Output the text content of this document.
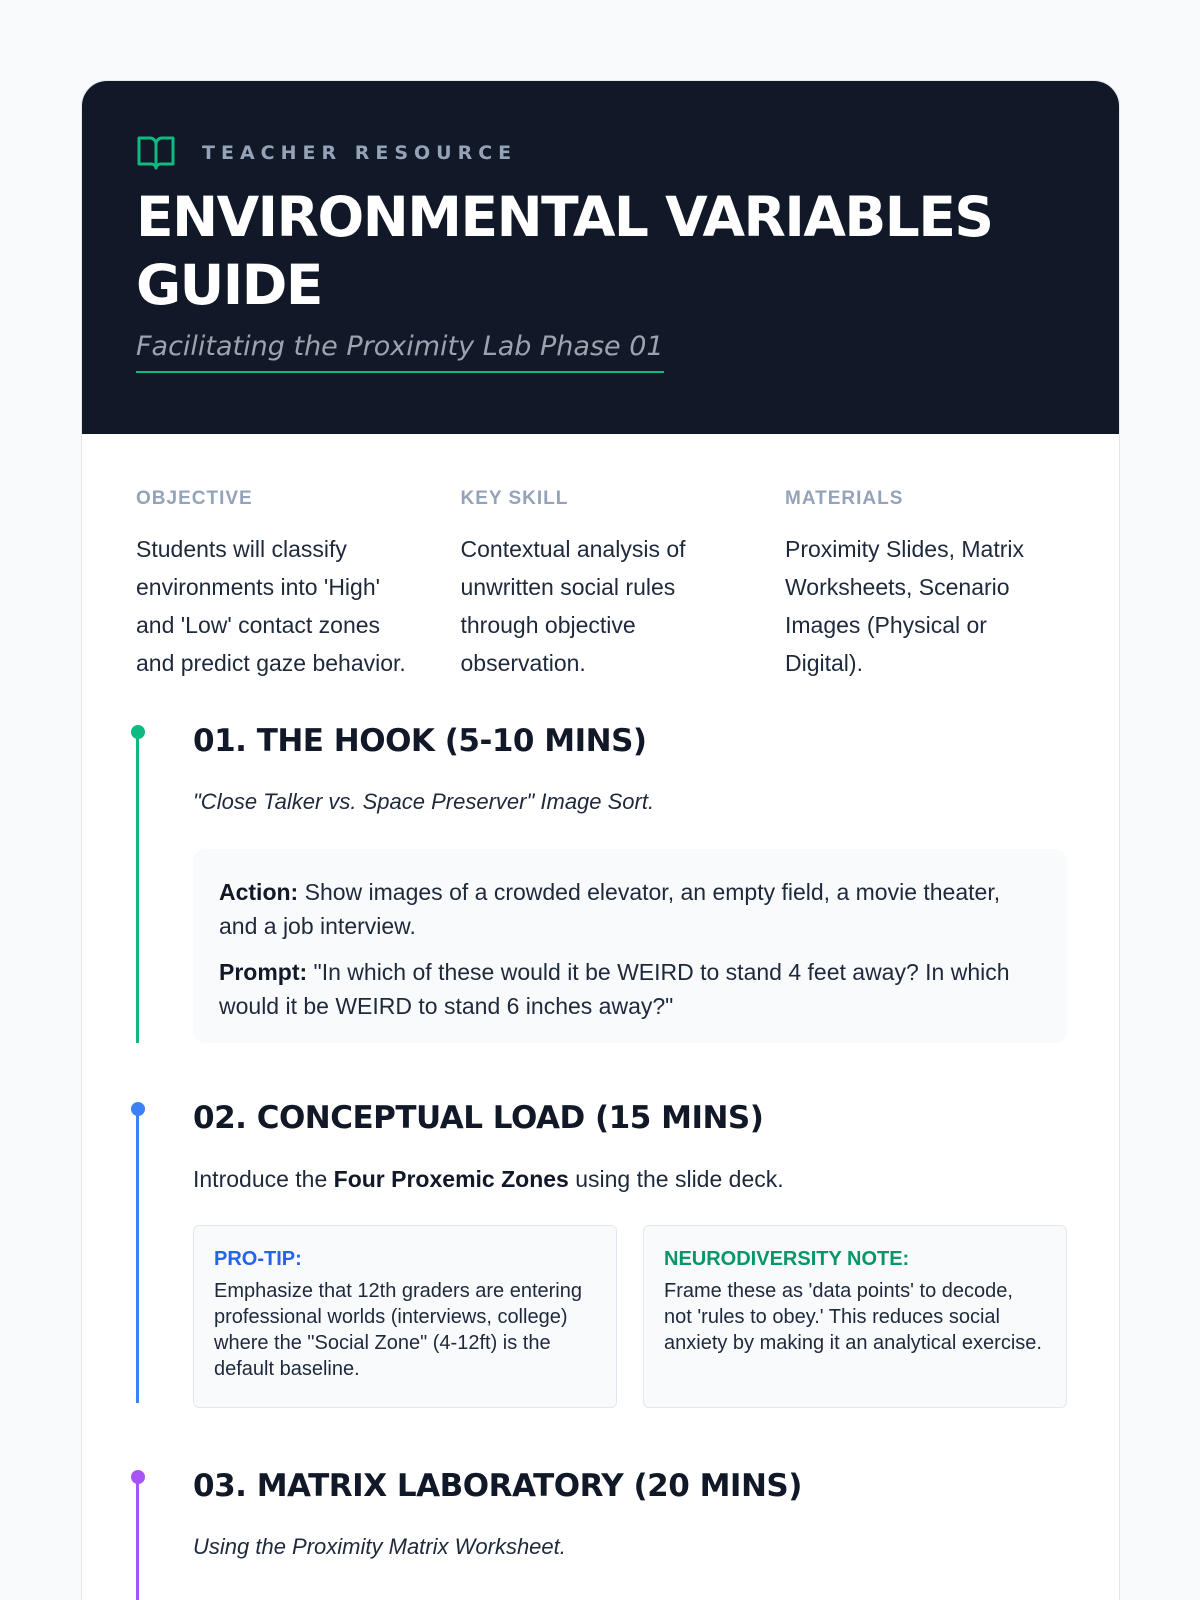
TEACHER RESOURCE
ENVIRONMENTAL VARIABLES GUIDE
Facilitating the Proximity Lab Phase 01
OBJECTIVE
Students will classify environments into 'High' and 'Low' contact zones and predict gaze behavior.
KEY SKILL
Contextual analysis of unwritten social rules through objective observation.
MATERIALS
Proximity Slides, Matrix Worksheets, Scenario Images (Physical or Digital).
01. THE HOOK (5-10 MINS)
"Close Talker vs. Space Preserver" Image Sort.

Action: Show images of a crowded elevator, an empty field, a movie theater, and a job interview.

Prompt: "In which of these would it be WEIRD to stand 4 feet away? In which would it be WEIRD to stand 6 inches away?"

02. CONCEPTUAL LOAD (15 MINS)
Introduce the Four Proxemic Zones using the slide deck.
PRO-TIP:
Emphasize that 12th graders are entering professional worlds (interviews, college) where the "Social Zone" (4-12ft) is the default baseline.
NEURODIVERSITY NOTE:
Frame these as 'data points' to decode, not 'rules to obey.' This reduces social anxiety by making it an analytical exercise.
03. MATRIX LABORATORY (20 MINS)
Using the Proximity Matrix Worksheet.
